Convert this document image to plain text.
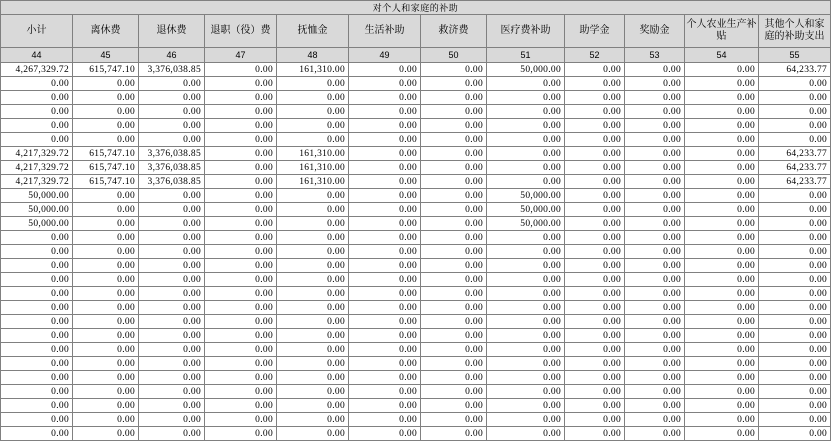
对个人和家庭的补助											
小计	离休费	退休费	退职（役）费	抚恤金	生活补助	救济费	医疗费补助	助学金	奖励金	个人农业生产补贴	其他个人和家庭的补助支出
44	45	46	47	48	49	50	51	52	53	54	55
4,267,329.72	615,747.10	3,376,038.85	0.00	161,310.00	0.00	0.00	50,000.00	0.00	0.00	0.00	64,233.77
0.00	0.00	0.00	0.00	0.00	0.00	0.00	0.00	0.00	0.00	0.00	0.00
0.00	0.00	0.00	0.00	0.00	0.00	0.00	0.00	0.00	0.00	0.00	0.00
0.00	0.00	0.00	0.00	0.00	0.00	0.00	0.00	0.00	0.00	0.00	0.00
0.00	0.00	0.00	0.00	0.00	0.00	0.00	0.00	0.00	0.00	0.00	0.00
0.00	0.00	0.00	0.00	0.00	0.00	0.00	0.00	0.00	0.00	0.00	0.00
4,217,329.72	615,747.10	3,376,038.85	0.00	161,310.00	0.00	0.00	0.00	0.00	0.00	0.00	64,233.77
4,217,329.72	615,747.10	3,376,038.85	0.00	161,310.00	0.00	0.00	0.00	0.00	0.00	0.00	64,233.77
4,217,329.72	615,747.10	3,376,038.85	0.00	161,310.00	0.00	0.00	0.00	0.00	0.00	0.00	64,233.77
50,000.00	0.00	0.00	0.00	0.00	0.00	0.00	50,000.00	0.00	0.00	0.00	0.00
50,000.00	0.00	0.00	0.00	0.00	0.00	0.00	50,000.00	0.00	0.00	0.00	0.00
50,000.00	0.00	0.00	0.00	0.00	0.00	0.00	50,000.00	0.00	0.00	0.00	0.00
0.00	0.00	0.00	0.00	0.00	0.00	0.00	0.00	0.00	0.00	0.00	0.00
0.00	0.00	0.00	0.00	0.00	0.00	0.00	0.00	0.00	0.00	0.00	0.00
0.00	0.00	0.00	0.00	0.00	0.00	0.00	0.00	0.00	0.00	0.00	0.00
0.00	0.00	0.00	0.00	0.00	0.00	0.00	0.00	0.00	0.00	0.00	0.00
0.00	0.00	0.00	0.00	0.00	0.00	0.00	0.00	0.00	0.00	0.00	0.00
0.00	0.00	0.00	0.00	0.00	0.00	0.00	0.00	0.00	0.00	0.00	0.00
0.00	0.00	0.00	0.00	0.00	0.00	0.00	0.00	0.00	0.00	0.00	0.00
0.00	0.00	0.00	0.00	0.00	0.00	0.00	0.00	0.00	0.00	0.00	0.00
0.00	0.00	0.00	0.00	0.00	0.00	0.00	0.00	0.00	0.00	0.00	0.00
0.00	0.00	0.00	0.00	0.00	0.00	0.00	0.00	0.00	0.00	0.00	0.00
0.00	0.00	0.00	0.00	0.00	0.00	0.00	0.00	0.00	0.00	0.00	0.00
0.00	0.00	0.00	0.00	0.00	0.00	0.00	0.00	0.00	0.00	0.00	0.00
0.00	0.00	0.00	0.00	0.00	0.00	0.00	0.00	0.00	0.00	0.00	0.00
0.00	0.00	0.00	0.00	0.00	0.00	0.00	0.00	0.00	0.00	0.00	0.00
0.00	0.00	0.00	0.00	0.00	0.00	0.00	0.00	0.00	0.00	0.00	0.00
